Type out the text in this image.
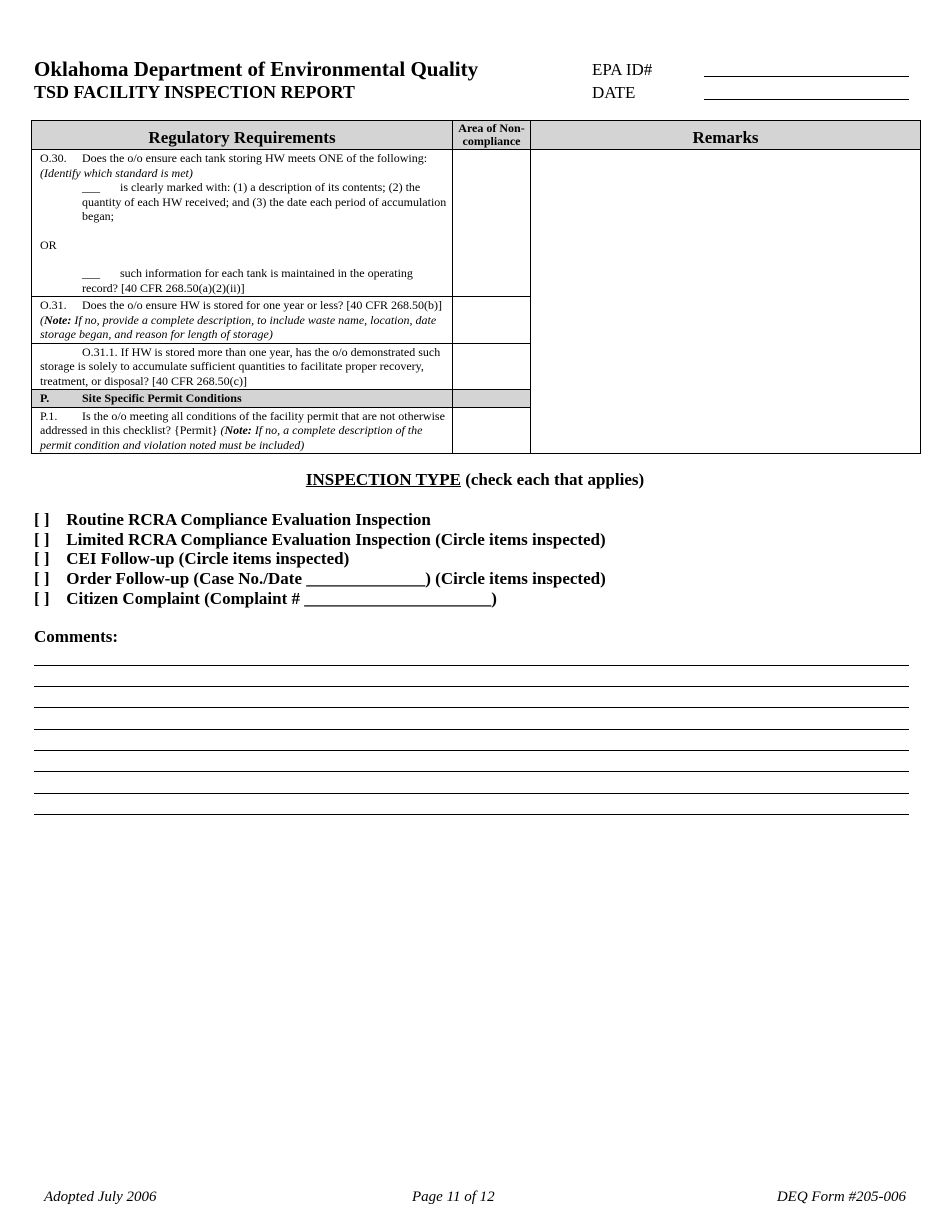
Oklahoma Department of Environmental Quality
TSD FACILITY INSPECTION REPORT
EPA ID#
DATE
Regulatory Requirements	Area of Non-compliance	Remarks

O.30. Does the o/o ensure each tank storing HW meets ONE of the following:
(Identify which standard is met)
___ is clearly marked with: (1) a description of its contents; (2) the quantity of each HW received; and (3) the date each period of accumulation began;
OR
___ such information for each tank is maintained in the operating record? [40 CFR 268.50(a)(2)(ii)]		

O.31. Does the o/o ensure HW is stored for one year or less? [40 CFR 268.50(b)] (Note: If no, provide a complete description, to include waste name, location, date storage began, and reason for length of storage)		
O.31.1. If HW is stored more than one year, has the o/o demonstrated such storage is solely to accumulate sufficient quantities to facilitate proper recovery, treatment, or disposal? [40 CFR 268.50(c)]		
P. Site Specific Permit Conditions		
P.1. Is the o/o meeting all conditions of the facility permit that are not otherwise addressed in this checklist? {Permit} (Note: If no, a complete description of the permit condition and violation noted must be included)		
INSPECTION TYPE (check each that applies)
[ ] Routine RCRA Compliance Evaluation Inspection
[ ] Limited RCRA Compliance Evaluation Inspection (Circle items inspected)
[ ] CEI Follow-up (Circle items inspected)
[ ] Order Follow-up (Case No./Date ______________) (Circle items inspected)
[ ] Citizen Complaint (Complaint # ______________________)
Comments:
Adopted July 2006	Page 11 of 12	DEQ Form #205-006
